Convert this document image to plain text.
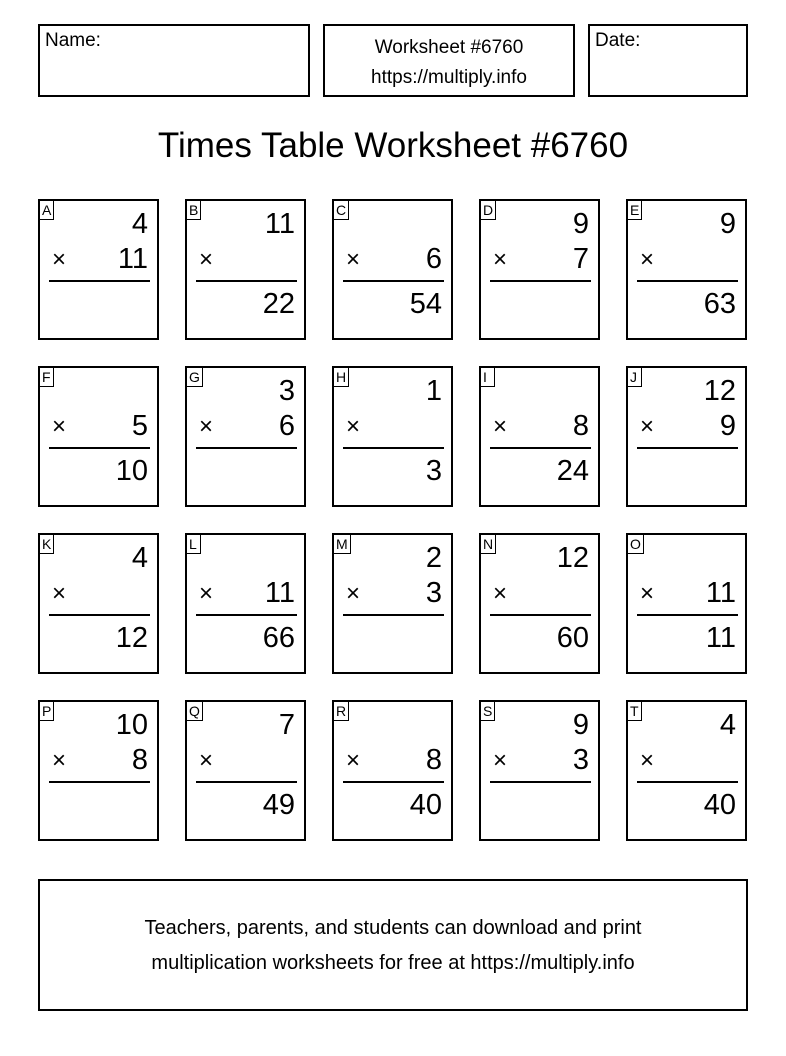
Name:	Worksheet #6760
https://multiply.info
Date:
Times Table Worksheet #6760
A	4
× 11
B 11
×
22
C
× 6
54
D	9
× 7
E	9
×
63
F
× 5
10
G	3
× 6
H	1
×
3
I
× 8
24
J 12
× 9
K	4
×
12
L
× 11
66
M	2
× 3
N 12
×
60
O
× 11
11
P 10
× 8
Q	7
×
49
R
× 8
40
S	9
× 3
T	4
×
40
Teachers, parents, and students can download and print
multiplication worksheets for free at https://multiply.info
